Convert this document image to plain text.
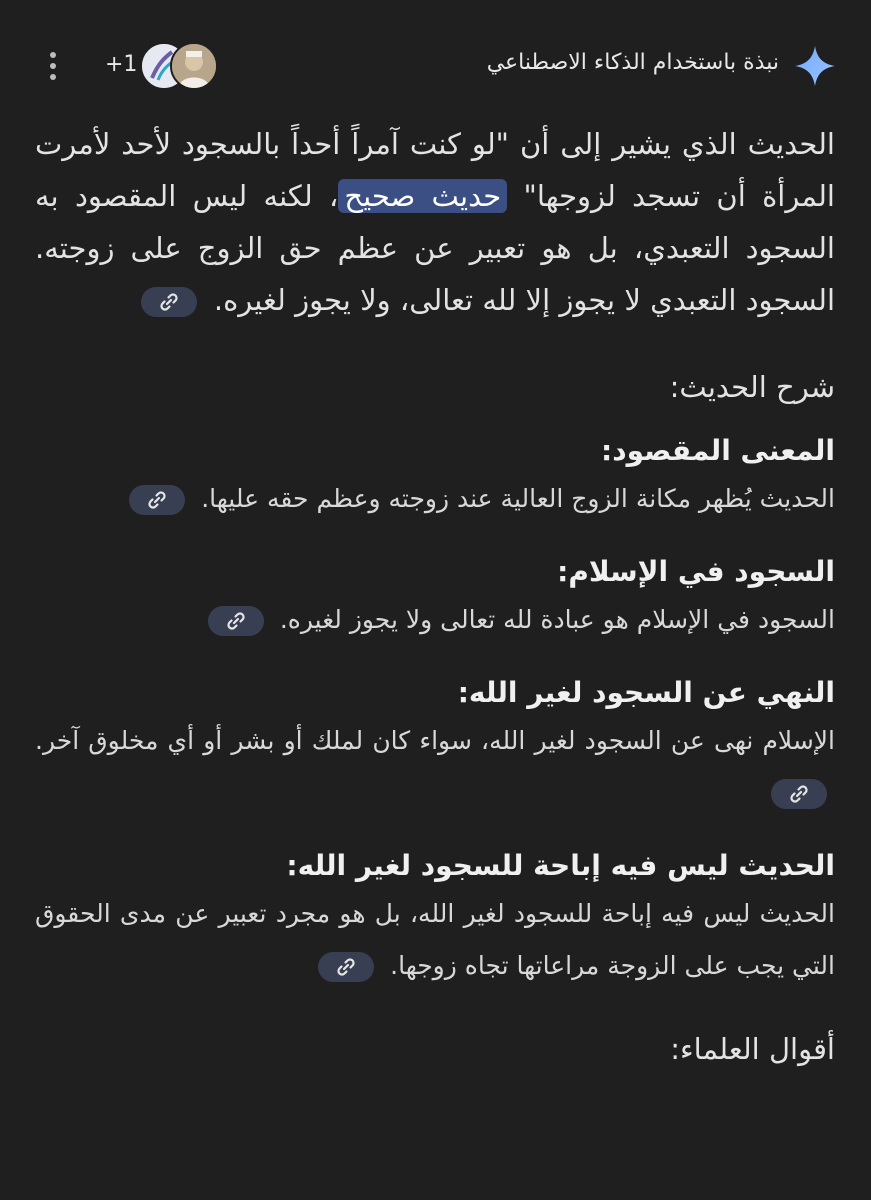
نبذة باستخدام الذكاء الاصطناعي
+1

الحديث الذي يشير إلى أن "لو كنت آمراً أحداً بالسجود لأحد لأمرت المرأة أن تسجد لزوجها" حديث صحيح، لكنه ليس المقصود به السجود التعبدي، بل هو تعبير عن عظم حق الزوج على زوجته. السجود التعبدي لا يجوز إلا لله تعالى، ولا يجوز لغيره.

شرح الحديث:

المعنى المقصود:

الحديث يُظهر مكانة الزوج العالية عند زوجته وعظم حقه عليها.

السجود في الإسلام:

السجود في الإسلام هو عبادة لله تعالى ولا يجوز لغيره.

النهي عن السجود لغير الله:

الإسلام نهى عن السجود لغير الله، سواء كان لملك أو بشر أو أي مخلوق آخر.

الحديث ليس فيه إباحة للسجود لغير الله:

الحديث ليس فيه إباحة للسجود لغير الله، بل هو مجرد تعبير عن مدى الحقوق التي يجب على الزوجة مراعاتها تجاه زوجها.

أقوال العلماء:
